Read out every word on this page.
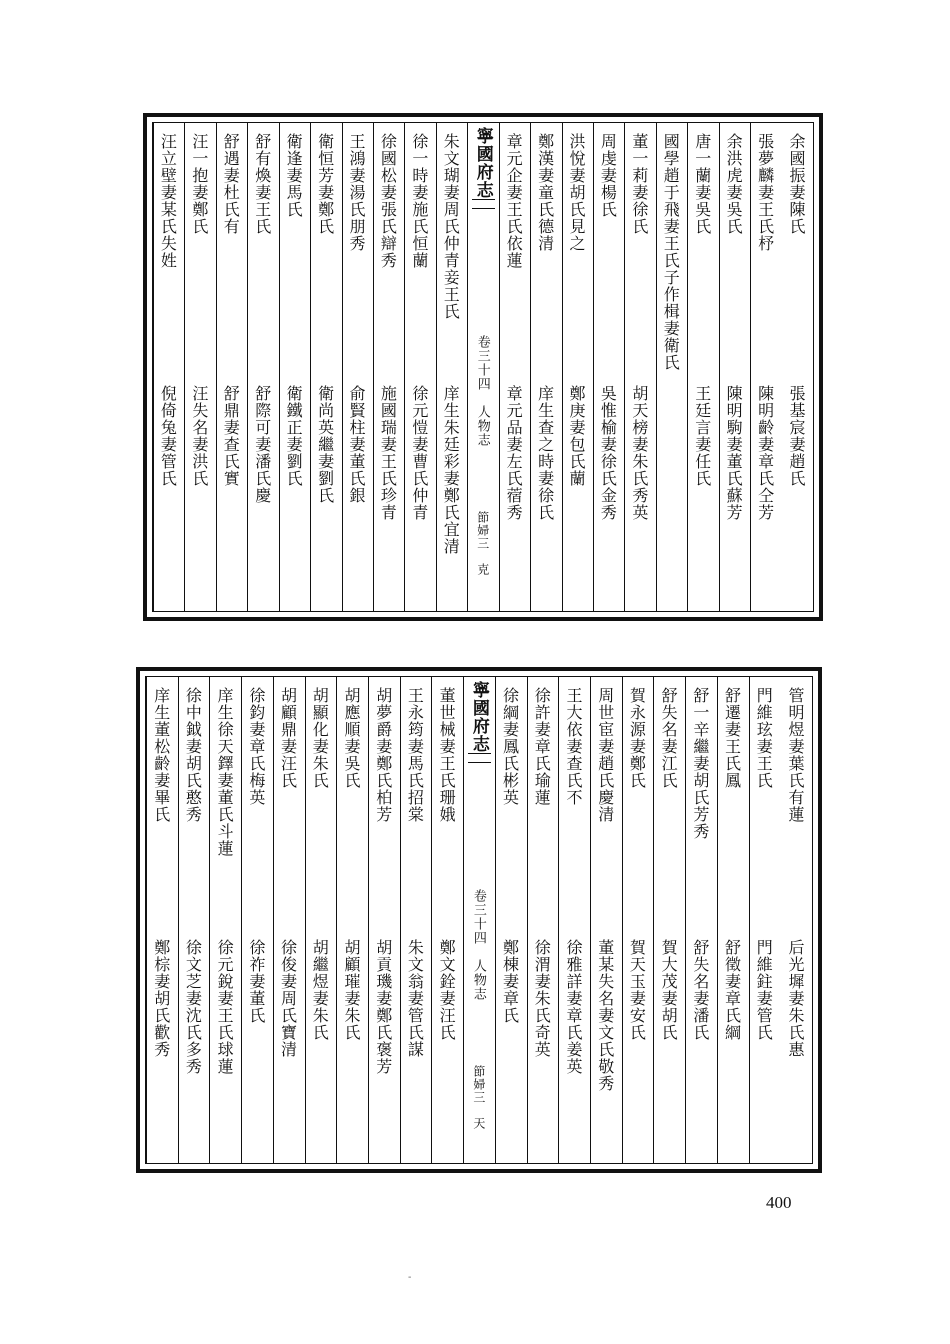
余國振妻陳氏
張基宸妻趙氏
張夢麟妻王氏杼
陳明齡妻章氏仝芳
余洪虎妻吳氏
陳明駒妻董氏蘇芳
唐一蘭妻吳氏
王廷言妻任氏
國學趙于飛妻王氏子作楫妻衛氏
董一莉妻徐氏
胡天榜妻朱氏秀英
周虔妻楊氏
吳惟榆妻徐氏金秀
洪悅妻胡氏見之
鄭庚妻包氏蘭
鄭漢妻童氏德清
庠生查之時妻徐氏
章元企妻王氏依蓮
章元品妻左氏蓿秀
寧國府志
卷三十四　人物志
節婦三　克
朱文瑚妻周氏仲青妾王氏
庠生朱廷彩妻鄭氏宜清
徐一時妻施氏恒蘭
徐元愷妻曹氏仲青
徐國松妻張氏辯秀
施國瑞妻王氏珍青
王鴻妻湯氏朋秀
俞賢柱妻董氏銀
衛恒芳妻鄭氏
衛尚英繼妻劉氏
衛逢妻馬氏
衛鐵正妻劉氏
舒有煥妻王氏
舒際可妻潘氏慶
舒遇妻杜氏有
舒鼎妻查氏實
汪一抱妻鄭氏
汪失名妻洪氏
汪立壁妻某氏失姓
倪倚兔妻管氏
管明煜妻葉氏有蓮
后光墀妻朱氏惠
門維玹妻王氏
門維鉒妻管氏
舒遷妻王氏鳳
舒徵妻章氏綱
舒一辛繼妻胡氏芳秀
舒失名妻潘氏
舒失名妻江氏
賀大茂妻胡氏
賀永源妻鄭氏
賀天玉妻安氏
周世宦妻趙氏慶清
董某失名妻文氏敬秀
王大依妻查氏不
徐雅詳妻章氏姜英
徐許妻章氏瑜蓮
徐渭妻朱氏奇英
徐綱妻鳳氏彬英
鄭棟妻章氏
寧國府志
卷三十四　人物志
節婦三　天
董世械妻王氏珊娥
鄭文銓妻汪氏
王永筠妻馬氏招棠
朱文翁妻管氏謀
胡夢爵妻鄭氏柏芳
胡貢璣妻鄭氏褒芳
胡應順妻吳氏
胡顧璀妻朱氏
胡顯化妻朱氏
胡繼煜妻朱氏
胡顧鼎妻汪氏
徐俊妻周氏寶清
徐鈞妻章氏梅英
徐祚妻董氏
庠生徐天鐸妻董氏斗蓮
徐元銳妻王氏球蓮
徐中鉞妻胡氏憨秀
徐文芝妻沈氏多秀
庠生董松齡妻畢氏
鄭棕妻胡氏歡秀
400
-
